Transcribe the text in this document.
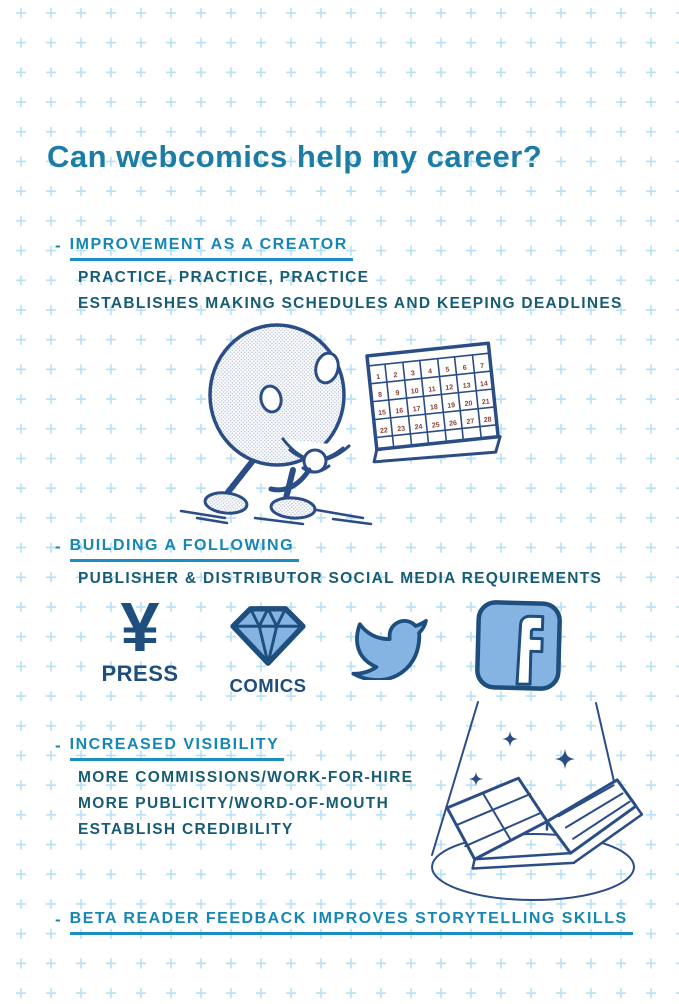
Can webcomics help my career?
- IMPROVEMENT AS A CREATOR
PRACTICE, PRACTICE, PRACTICE
ESTABLISHES MAKING SCHEDULES AND KEEPING DEADLINES
1 2 3 4 5 6 7
8 9 10 11 12 13 14
15 16 17 18 19 20 21
22 23 24 25 26 27 28
- BUILDING A FOLLOWING
PUBLISHER & DISTRIBUTOR SOCIAL MEDIA REQUIREMENTS
¥
PRESS	COMICS
- INCREASED VISIBILITY
MORE COMMISSIONS/WORK-FOR-HIRE
MORE PUBLICITY/WORD-OF-MOUTH
ESTABLISH CREDIBILITY
- BETA READER FEEDBACK IMPROVES STORYTELLING SKILLS
